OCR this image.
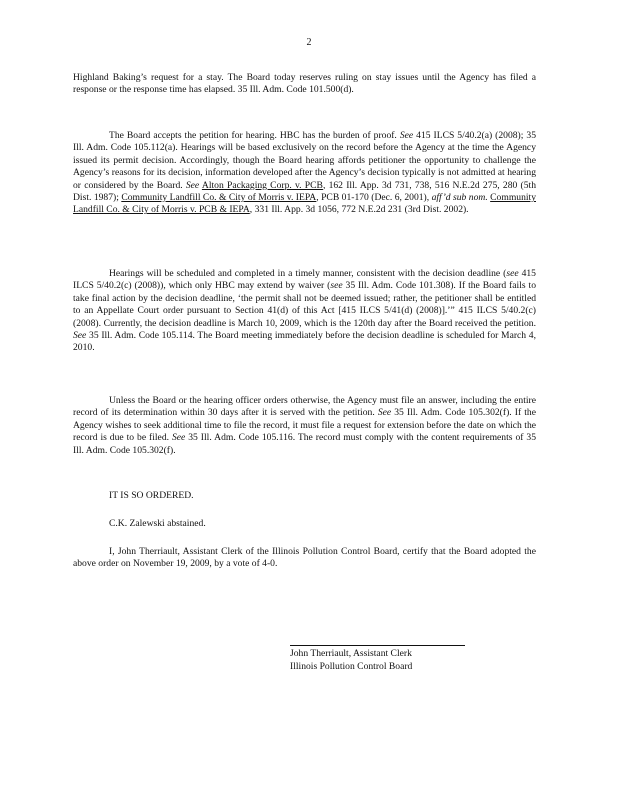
2

Highland Baking’s request for a stay. The Board today reserves ruling on stay issues until the Agency has filed a response or the response time has elapsed. 35 Ill. Adm. Code 101.500(d).

The Board accepts the petition for hearing. HBC has the burden of proof. See 415 ILCS 5/40.2(a) (2008); 35 Ill. Adm. Code 105.112(a). Hearings will be based exclusively on the record before the Agency at the time the Agency issued its permit decision. Accordingly, though the Board hearing affords petitioner the opportunity to challenge the Agency’s reasons for its decision, information developed after the Agency’s decision typically is not admitted at hearing or considered by the Board. See Alton Packaging Corp. v. PCB, 162 Ill. App. 3d 731, 738, 516 N.E.2d 275, 280 (5th Dist. 1987); Community Landfill Co. & City of Morris v. IEPA, PCB 01-170 (Dec. 6, 2001), aff’d sub nom. Community Landfill Co. & City of Morris v. PCB & IEPA, 331 Ill. App. 3d 1056, 772 N.E.2d 231 (3rd Dist. 2002).

Hearings will be scheduled and completed in a timely manner, consistent with the decision deadline (see 415 ILCS 5/40.2(c) (2008)), which only HBC may extend by waiver (see 35 Ill. Adm. Code 101.308). If the Board fails to take final action by the decision deadline, ‘the permit shall not be deemed issued; rather, the petitioner shall be entitled to an Appellate Court order pursuant to Section 41(d) of this Act [415 ILCS 5/41(d) (2008)].’” 415 ILCS 5/40.2(c) (2008). Currently, the decision deadline is March 10, 2009, which is the 120th day after the Board received the petition. See 35 Ill. Adm. Code 105.114. The Board meeting immediately before the decision deadline is scheduled for March 4, 2010.

Unless the Board or the hearing officer orders otherwise, the Agency must file an answer, including the entire record of its determination within 30 days after it is served with the petition. See 35 Ill. Adm. Code 105.302(f). If the Agency wishes to seek additional time to file the record, it must file a request for extension before the date on which the record is due to be filed. See 35 Ill. Adm. Code 105.116. The record must comply with the content requirements of 35 Ill. Adm. Code 105.302(f).

IT IS SO ORDERED.

C.K. Zalewski abstained.

I, John Therriault, Assistant Clerk of the Illinois Pollution Control Board, certify that the Board adopted the above order on November 19, 2009, by a vote of 4-0.

John Therriault, Assistant Clerk

Illinois Pollution Control Board
